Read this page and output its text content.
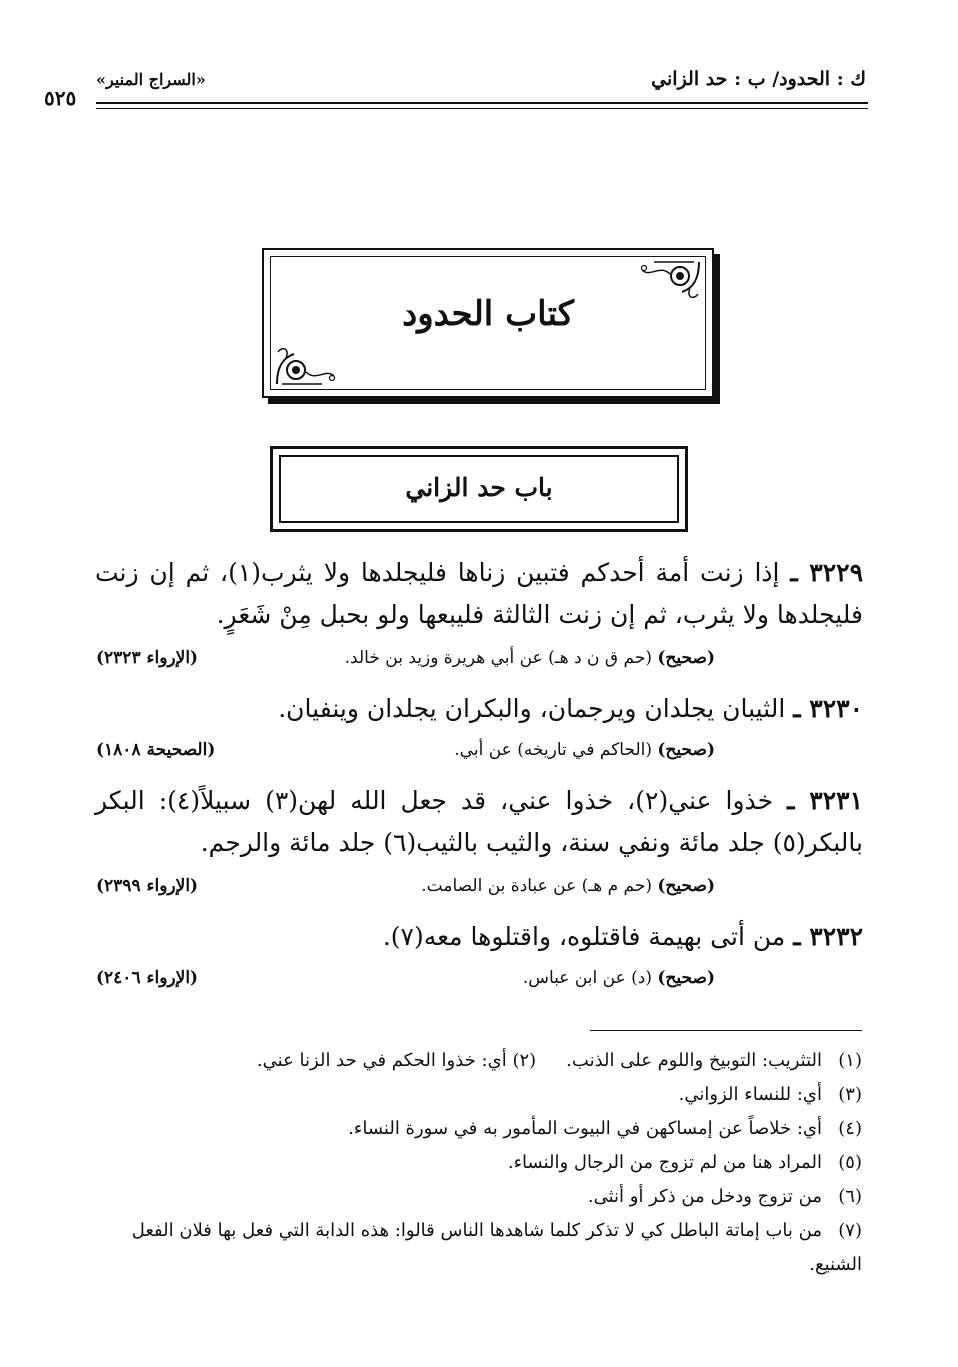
ك : الحدود/ ب : حد الزاني
«السراج المنير»
٥٢٥
كتاب الحدود
باب حد الزاني
٣٢٢٩ ـ إذا زنت أمة أحدكم فتبين زناها فليجلدها ولا يثرب(١)، ثم إن زنت فليجلدها ولا يثرب، ثم إن زنت الثالثة فليبعها ولو بحبل مِنْ شَعَرٍ.
(صحيح) (حم ق ن د هـ) عن أبي هريرة وزيد بن خالد.
(الإرواء ٢٣٢٣)
٣٢٣٠ ـ الثيبان يجلدان ويرجمان، والبكران يجلدان وينفيان.
(صحيح) (الحاكم في تاريخه) عن أبي.
(الصحيحة ١٨٠٨)
٣٢٣١ ـ خذوا عني(٢)، خذوا عني، قد جعل الله لهن(٣) سبيلاً(٤): البكر بالبكر(٥) جلد مائة ونفي سنة، والثيب بالثيب(٦) جلد مائة والرجم.
(صحيح) (حم م هـ) عن عبادة بن الصامت.
(الإرواء ٢٣٩٩)
٣٢٣٢ ـ من أتى بهيمة فاقتلوه، واقتلوها معه(٧).
(صحيح) (د) عن ابن عباس.
(الإرواء ٢٤٠٦)
(١)التثريب: التوبيخ واللوم على الذنب.(٢) أي: خذوا الحكم في حد الزنا عني.
(٣)أي: للنساء الزواني.
(٤)أي: خلاصاً عن إمساكهن في البيوت المأمور به في سورة النساء.
(٥)المراد هنا من لم تزوج من الرجال والنساء.
(٦)من تزوج ودخل من ذكر أو أنثى.
(٧)من باب إماتة الباطل كي لا تذكر كلما شاهدها الناس قالوا: هذه الدابة التي فعل بها فلان الفعل الشنيع.
